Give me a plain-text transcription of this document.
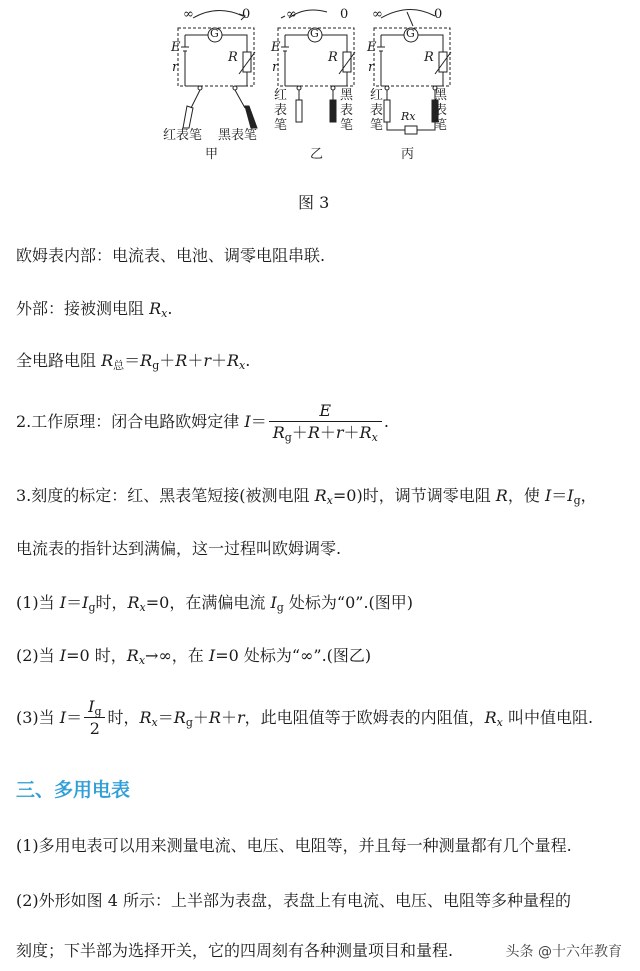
∞	0	∞	0 ∞	0
G	G	G
E	E	E
r	r	r
R	R	R
红表笔 黑表笔
甲
红表笔
黑表笔
乙
红表笔
黑表笔
Rx
丙
图 3
欧姆表内部：电流表、电池、调零电阻串联.
外部：接被测电阻 $R_x$.
全电路电阻 $R_总=R_g+R+r+R_x$.
2.工作原理：闭合电路欧姆定律 $I= \frac{E}{R_g+R+r+R_x}$ .
3.刻度的标定：红、黑表笔短接(被测电阻 $R_x=0$)时，调节调零电阻 R，使 $I=I_g$，
电流表的指针达到满偏，这一过程叫欧姆调零.
(1)当 $I=I_g$时，$R_x=0$，在满偏电流 $I_g$ 处标为“0”.(图甲)
(2)当 I=0 时，$R_x\to\infty$，在 I=0 处标为“∞”.(图乙)
(3)当 $I= \frac{I_g}{2}$ 时，$R_x=R_g+R+r$，此电阻值等于欧姆表的内阻值，$R_x$ 叫中值电阻.
三、多用电表
(1)多用电表可以用来测量电流、电压、电阻等，并且每一种测量都有几个量程.
(2)外形如图 4 所示：上半部为表盘，表盘上有电流、电压、电阻等多种量程的
刻度；下半部为选择开关，它的四周刻有各种测量项目和量程.	头条 @十六年教育
